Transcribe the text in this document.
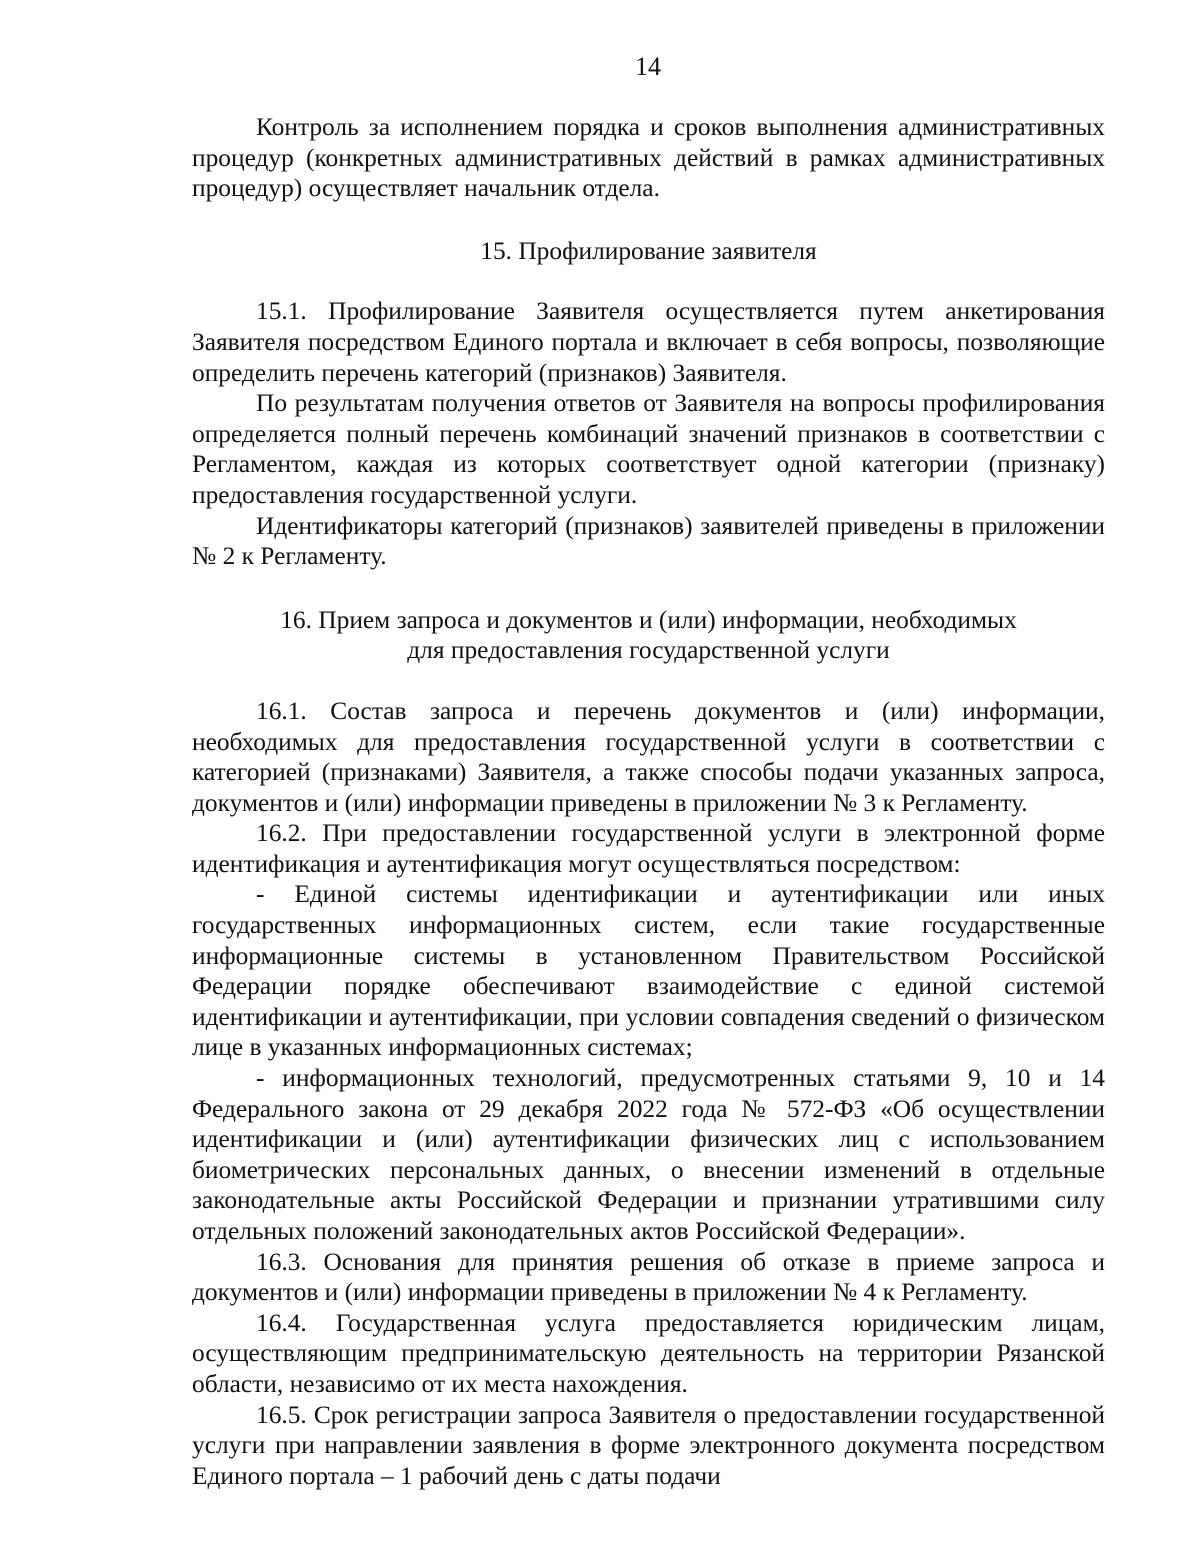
14

Контроль за исполнением порядка и сроков выполнения административных процедур (конкретных административных действий в рамках административных процедур) осуществляет начальник отдела.

15. Профилирование заявителя

15.1. Профилирование Заявителя осуществляется путем анкетирования Заявителя посредством Единого портала и включает в себя вопросы, позволяющие определить перечень категорий (признаков) Заявителя.

По результатам получения ответов от Заявителя на вопросы профилирования определяется полный перечень комбинаций значений признаков в соответствии с Регламентом, каждая из которых соответствует одной категории (признаку) предоставления государственной услуги.

Идентификаторы категорий (признаков) заявителей приведены в приложении № 2 к Регламенту.

16. Прием запроса и документов и (или) информации, необходимых
для предоставления государственной услуги

16.1. Состав запроса и перечень документов и (или) информации, необходимых для предоставления государственной услуги в соответствии с категорией (признаками) Заявителя, а также способы подачи указанных запроса, документов и (или) информации приведены в приложении № 3 к Регламенту.

16.2. При предоставлении государственной услуги в электронной форме идентификация и аутентификация могут осуществляться посредством:

- Единой системы идентификации и аутентификации или иных государственных информационных систем, если такие государственные информационные системы в установленном Правительством Российской Федерации порядке обеспечивают взаимодействие с единой системой идентификации и аутентификации, при условии совпадения сведений о физическом лице в указанных информационных системах;

- информационных технологий, предусмотренных статьями 9, 10 и 14 Федерального закона от 29 декабря 2022 года № 572-ФЗ «Об осуществлении идентификации и (или) аутентификации физических лиц с использованием биометрических персональных данных, о внесении изменений в отдельные законодательные акты Российской Федерации и признании утратившими силу отдельных положений законодательных актов Российской Федерации».

16.3. Основания для принятия решения об отказе в приеме запроса и документов и (или) информации приведены в приложении № 4 к Регламенту.

16.4. Государственная услуга предоставляется юридическим лицам, осуществляющим предпринимательскую деятельность на территории Рязанской области, независимо от их места нахождения.

16.5. Срок регистрации запроса Заявителя о предоставлении государственной услуги при направлении заявления в форме электронного документа посредством Единого портала – 1 рабочий день с даты подачи
